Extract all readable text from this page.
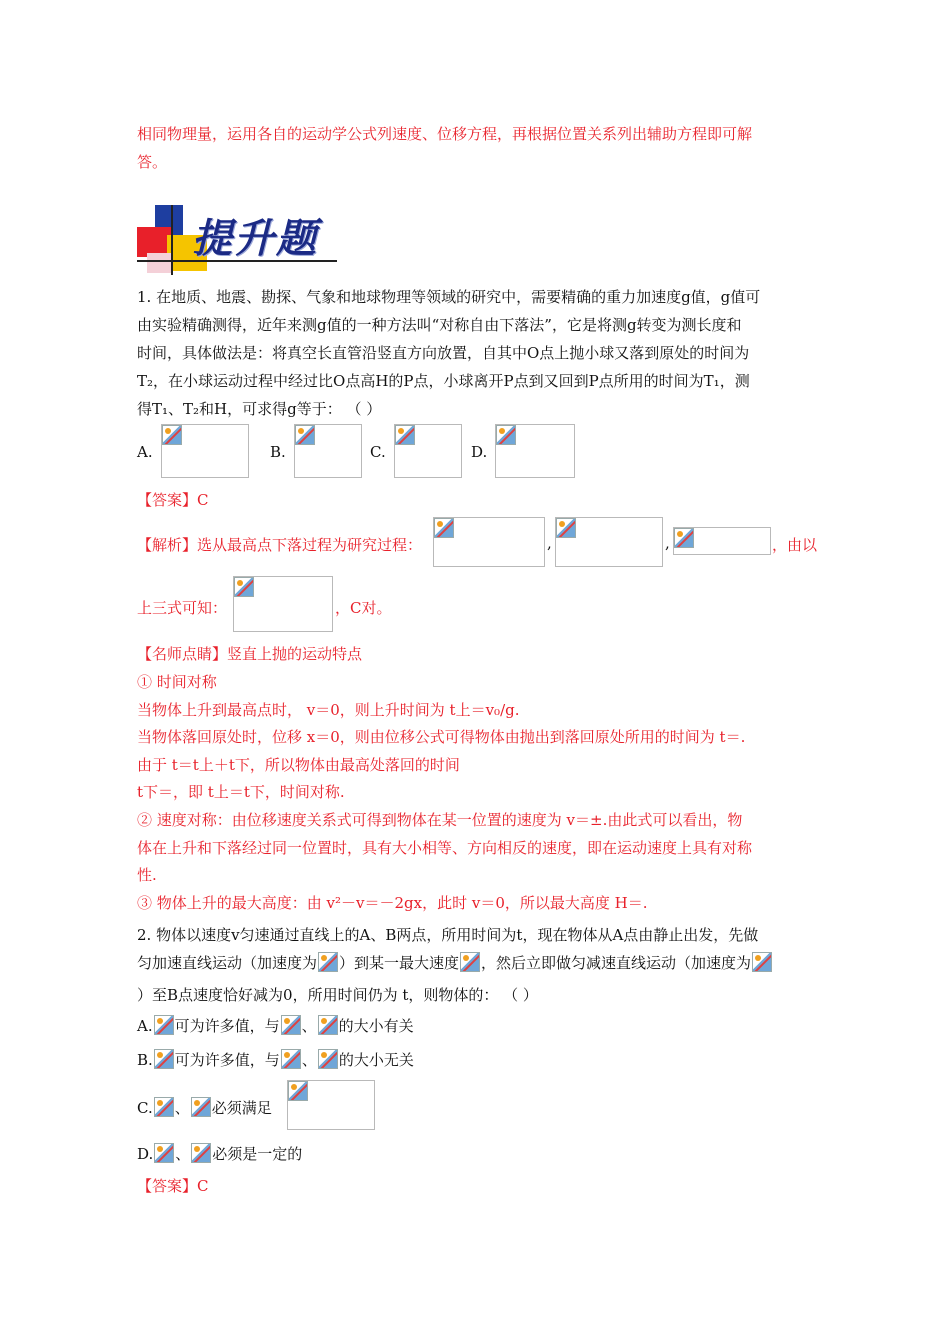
相同物理量，运用各自的运动学公式列速度、位移方程，再根据位置关系列出辅助方程即可解
答。
提升题
1. 在地质、地震、勘探、气象和地球物理等领域的研究中，需要精确的重力加速度g值，g值可
由实验精确测得，近年来测g值的一种方法叫“对称自由下落法”，它是将测g转变为测长度和
时间，具体做法是：将真空长直管沿竖直方向放置，自其中O点上抛小球又落到原处的时间为
T₂，在小球运动过程中经过比O点高H的P点，小球离开P点到又回到P点所用的时间为T₁，测
得T₁、T₂和H，可求得g等于： （ ）
A.	B.	C.	D.
【答案】C
【解析】选从最高点下落过程为研究过程：	,	,	，由以
上三式可知：	，C对。
【名师点睛】竖直上抛的运动特点
① 时间对称
当物体上升到最高点时， v＝0，则上升时间为 t上＝v₀/g.
当物体落回原处时，位移 x＝0，则由位移公式可得物体由抛出到落回原处所用的时间为 t＝.
由于 t＝t上＋t下，所以物体由最高处落回的时间
t下＝，即 t上＝t下，时间对称.
② 速度对称：由位移速度关系式可得到物体在某一位置的速度为 v＝±.由此式可以看出，物
体在上升和下落经过同一位置时，具有大小相等、方向相反的速度，即在运动速度上具有对称
性.
③ 物体上升的最大高度：由 v²－v＝－2gx，此时 v＝0，所以最大高度 H＝.
2. 物体以速度v匀速通过直线上的A、B两点，所用时间为t，现在物体从A点由静止出发，先做
匀加速直线运动（加速度为 ）到某一最大速度 ，然后立即做匀减速直线运动（加速度为
）至B点速度恰好减为0，所用时间仍为 t，则物体的： （ ）
A. 可为许多值，与 、 的大小有关
B. 可为许多值，与 、 的大小无关
C. 、 必须满足
D. 、 必须是一定的
【答案】C
